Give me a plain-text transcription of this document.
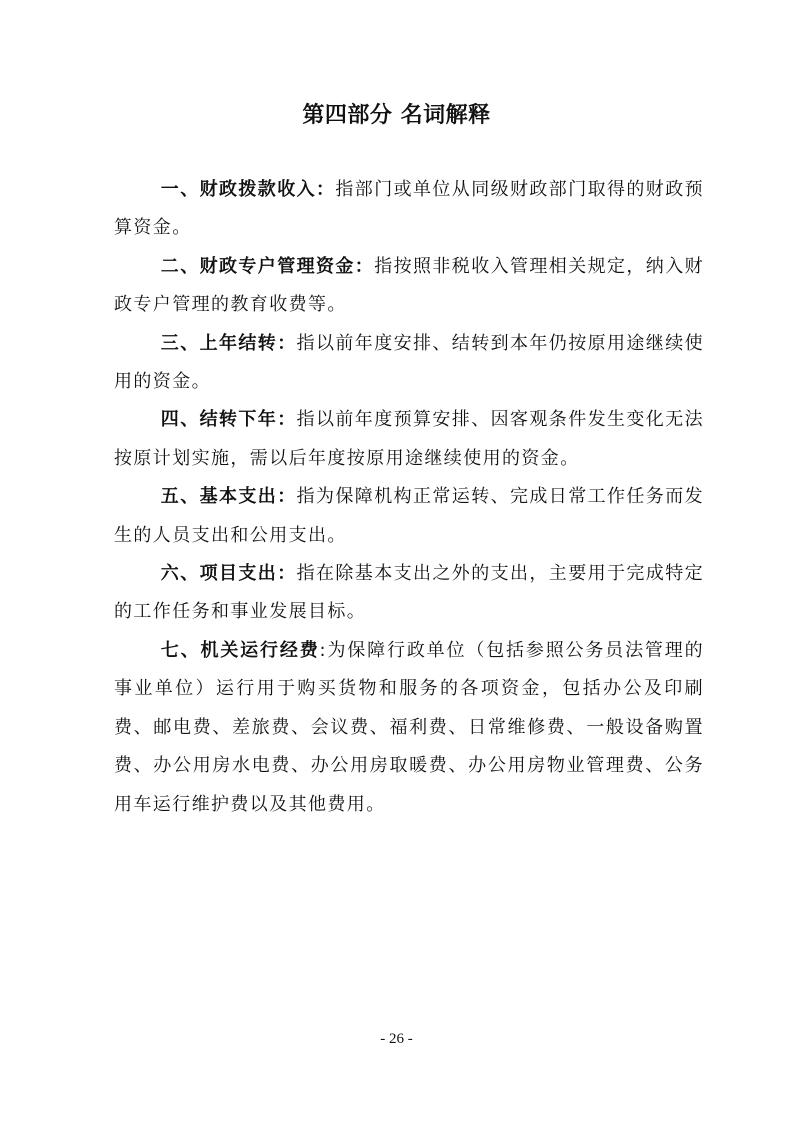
第四部分 名词解释

一、财政拨款收入：指部门或单位从同级财政部门取得的财政预算资金。

二、财政专户管理资金：指按照非税收入管理相关规定，纳入财政专户管理的教育收费等。

三、上年结转：指以前年度安排、结转到本年仍按原用途继续使用的资金。

四、结转下年：指以前年度预算安排、因客观条件发生变化无法按原计划实施，需以后年度按原用途继续使用的资金。

五、基本支出：指为保障机构正常运转、完成日常工作任务而发生的人员支出和公用支出。

六、项目支出：指在除基本支出之外的支出，主要用于完成特定的工作任务和事业发展目标。

七、机关运行经费:为保障行政单位（包括参照公务员法管理的事业单位）运行用于购买货物和服务的各项资金，包括办公及印刷费、邮电费、差旅费、会议费、福利费、日常维修费、一般设备购置费、办公用房水电费、办公用房取暖费、办公用房物业管理费、公务用车运行维护费以及其他费用。

- 26 -
